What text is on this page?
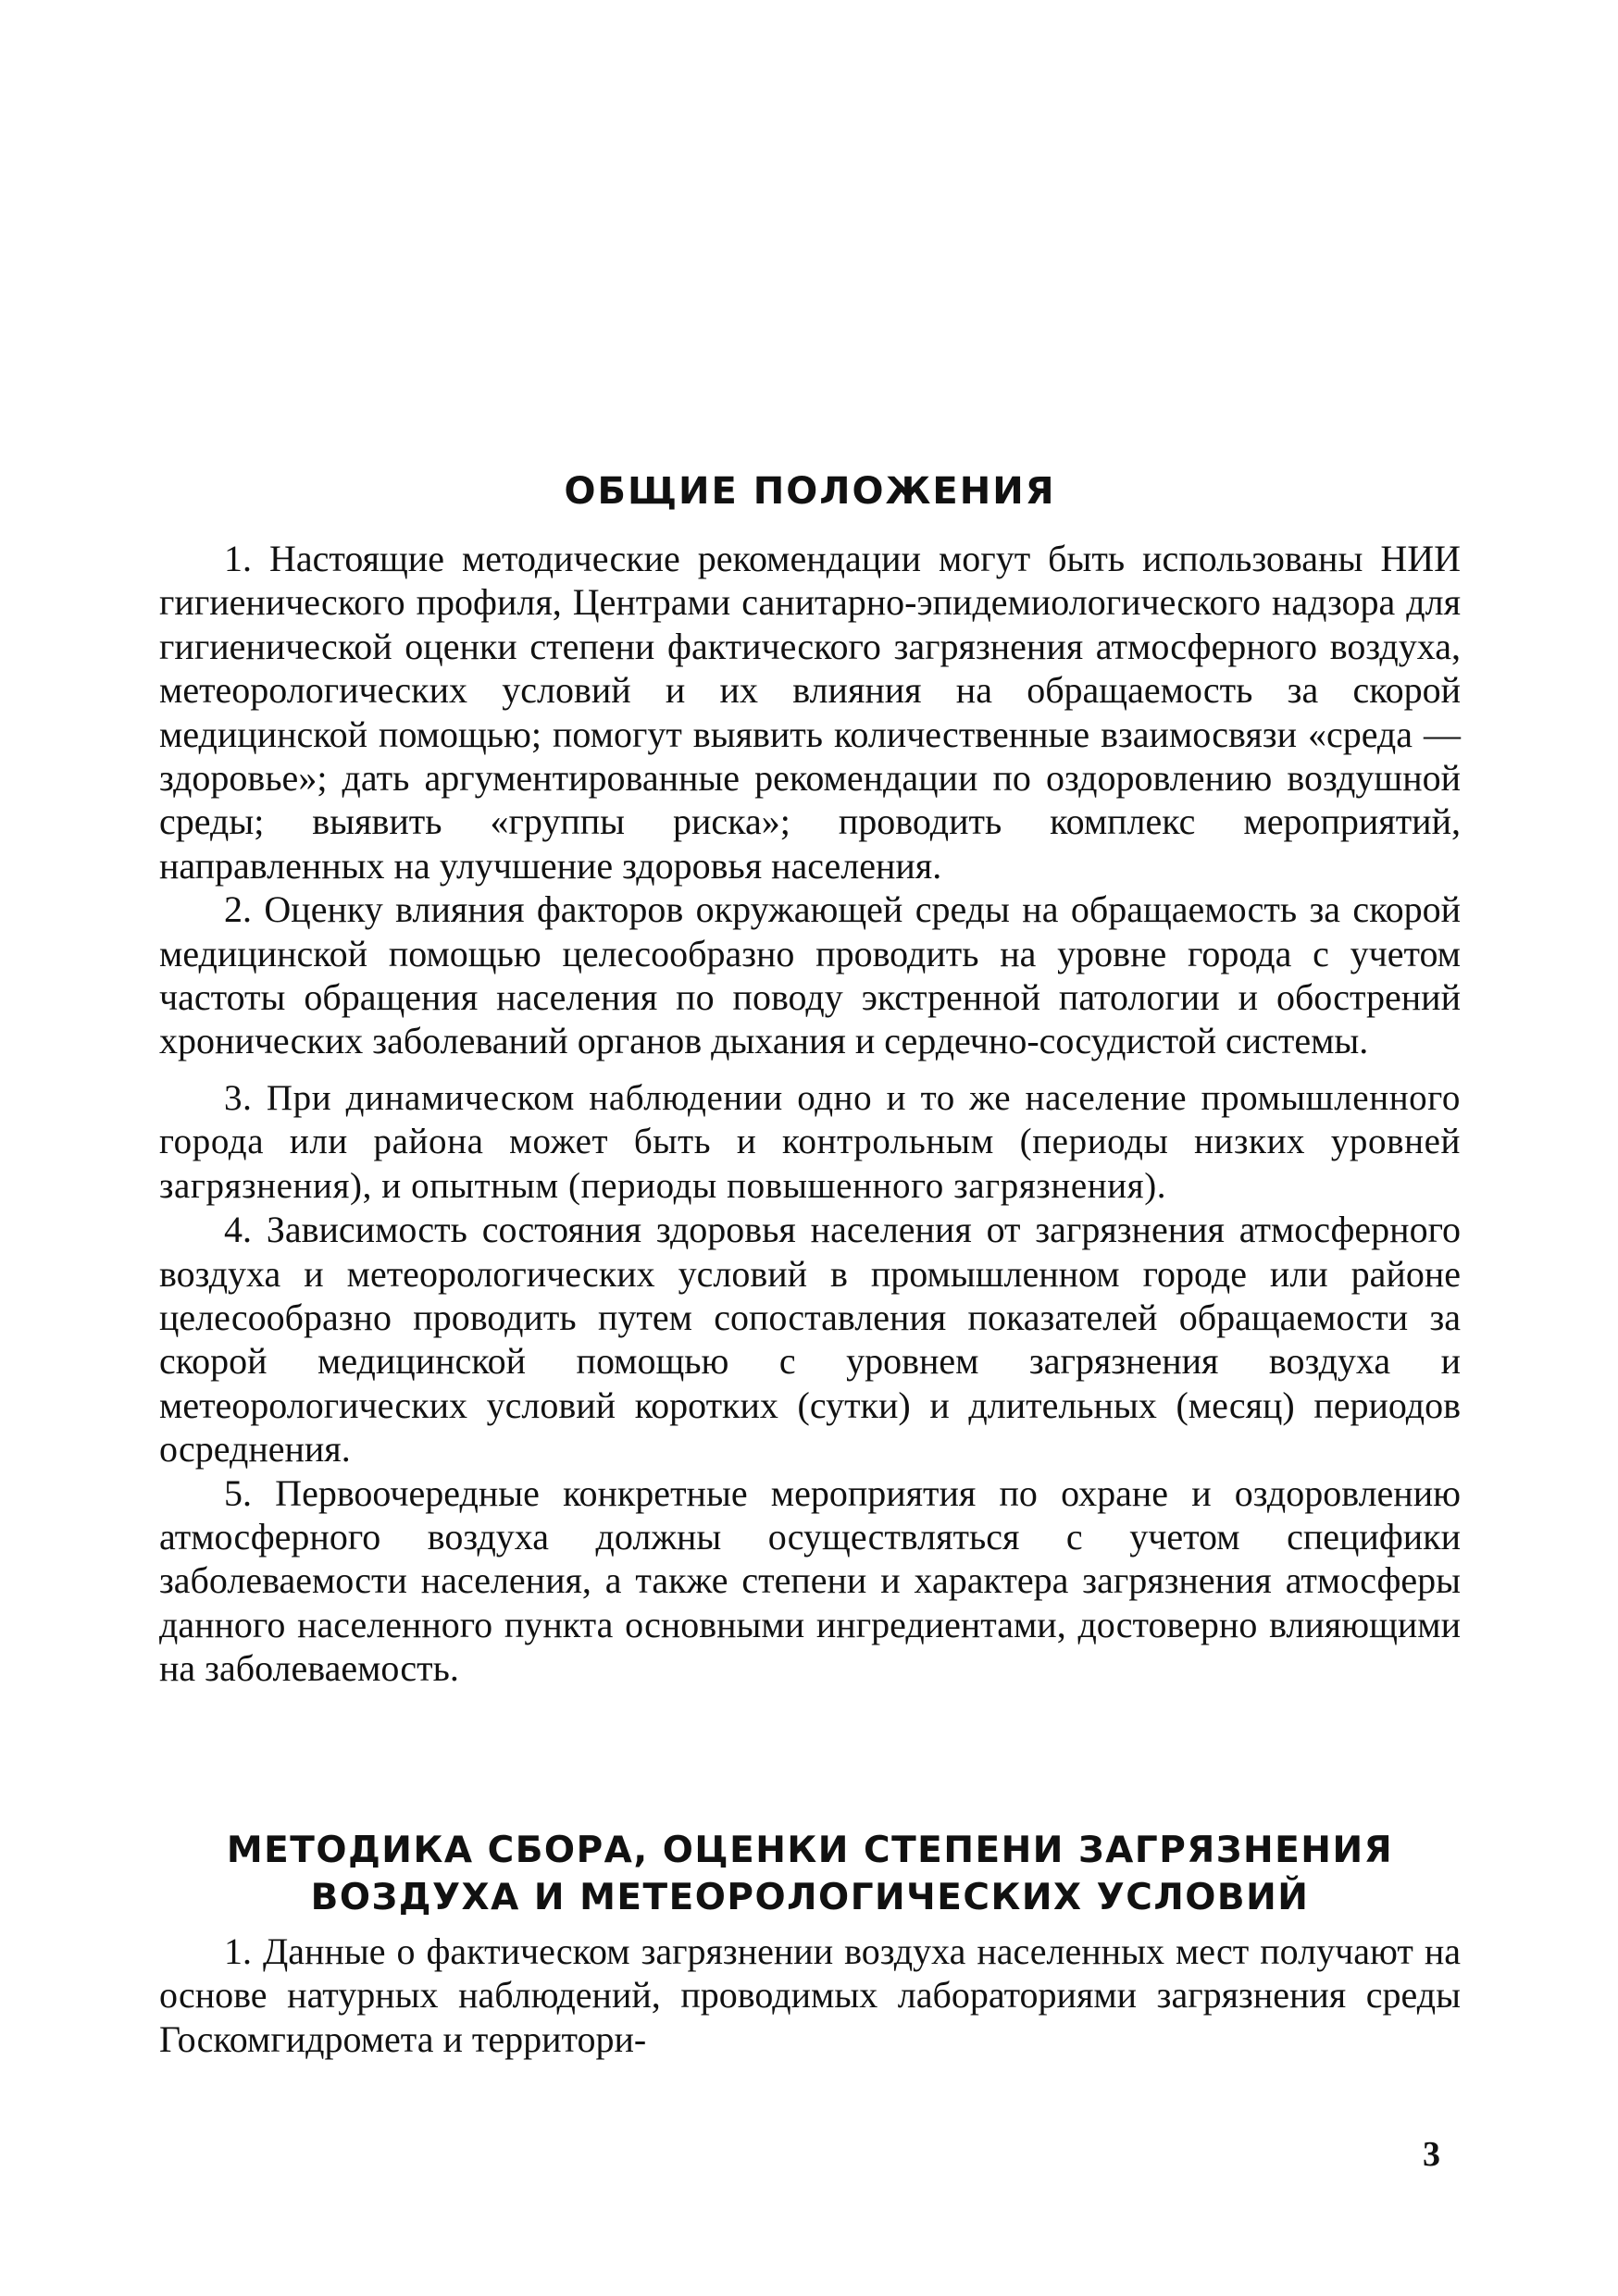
ОБЩИЕ ПОЛОЖЕНИЯ

1. Настоящие методические рекомендации могут быть использованы НИИ гигиенического профиля, Центрами санитарно-эпидемиологического надзора для гигиенической оценки степени фактического загрязнения атмосферного воздуха, метеорологических условий и их влияния на обращаемость за скорой медицинской помощью; помогут выявить количественные взаимосвязи «среда — здоровье»; дать аргументированные рекомендации по оздоровлению воздушной среды; выявить «группы риска»; проводить комплекс мероприятий, направленных на улучшение здоровья населения.

2. Оценку влияния факторов окружающей среды на обращаемость за скорой медицинской помощью целесообразно проводить на уровне города с учетом частоты обращения населения по поводу экстренной патологии и обострений хронических заболеваний органов дыхания и сердечно-сосудистой системы.

3. При динамическом наблюдении одно и то же население промышленного города или района может быть и контрольным (периоды низких уровней загрязнения), и опытным (периоды повышенного загрязнения).

4. Зависимость состояния здоровья населения от загрязнения атмосферного воздуха и метеорологических условий в промышленном городе или районе целесообразно проводить путем сопоставления показателей обращаемости за скорой медицинской помощью с уровнем загрязнения воздуха и метеорологических условий коротких (сутки) и длительных (месяц) периодов осреднения.

5. Первоочередные конкретные мероприятия по охране и оздоровлению атмосферного воздуха должны осуществляться с учетом специфики заболеваемости населения, а также степени и характера загрязнения атмосферы данного населенного пункта основными ингредиентами, достоверно влияющими на заболеваемость.

МЕТОДИКА СБОРА, ОЦЕНКИ СТЕПЕНИ ЗАГРЯЗНЕНИЯ
ВОЗДУХА И МЕТЕОРОЛОГИЧЕСКИХ УСЛОВИЙ

1. Данные о фактическом загрязнении воздуха населенных мест получают на основе натурных наблюдений, проводимых лабораториями загрязнения среды Госкомгидромета и территори-

3
